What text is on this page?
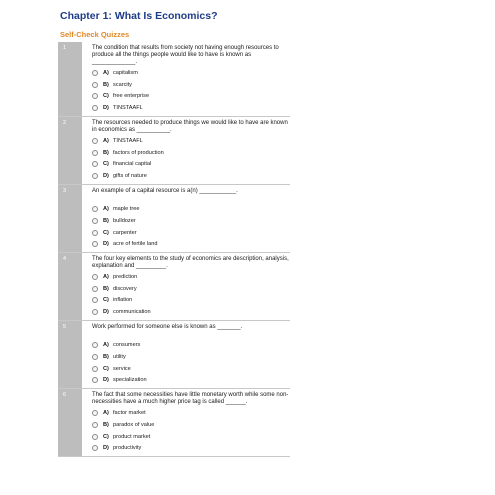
Chapter 1: What Is Economics?
Self-Check Quizzes
1	The condition that results from society not having enough resources to produce all the things people would like to have is known as _____________.
A) capitalism
B) scarcity
C) free enterprise
D) TINSTAAFL
2	The resources needed to produce things we would like to have are known in economics as __________.
A) TINSTAAFL
B) factors of production
C) financial capital
D) gifts of nature
3	An example of a capital resource is a(n) ___________.
A) maple tree
B) bulldozer
C) carpenter
D) acre of fertile land
4	The four key elements to the study of economics are description, analysis, explanation and _________.
A) prediction
B) discovery
C) inflation
D) communication
5	Work performed for someone else is known as _______.
A) consumers
B) utility
C) service
D) specialization
6	The fact that some necessities have little monetary worth while some non-necessities have a much higher price tag is called ______.
A) factor market
B) paradox of value
C) product market
D) productivity
